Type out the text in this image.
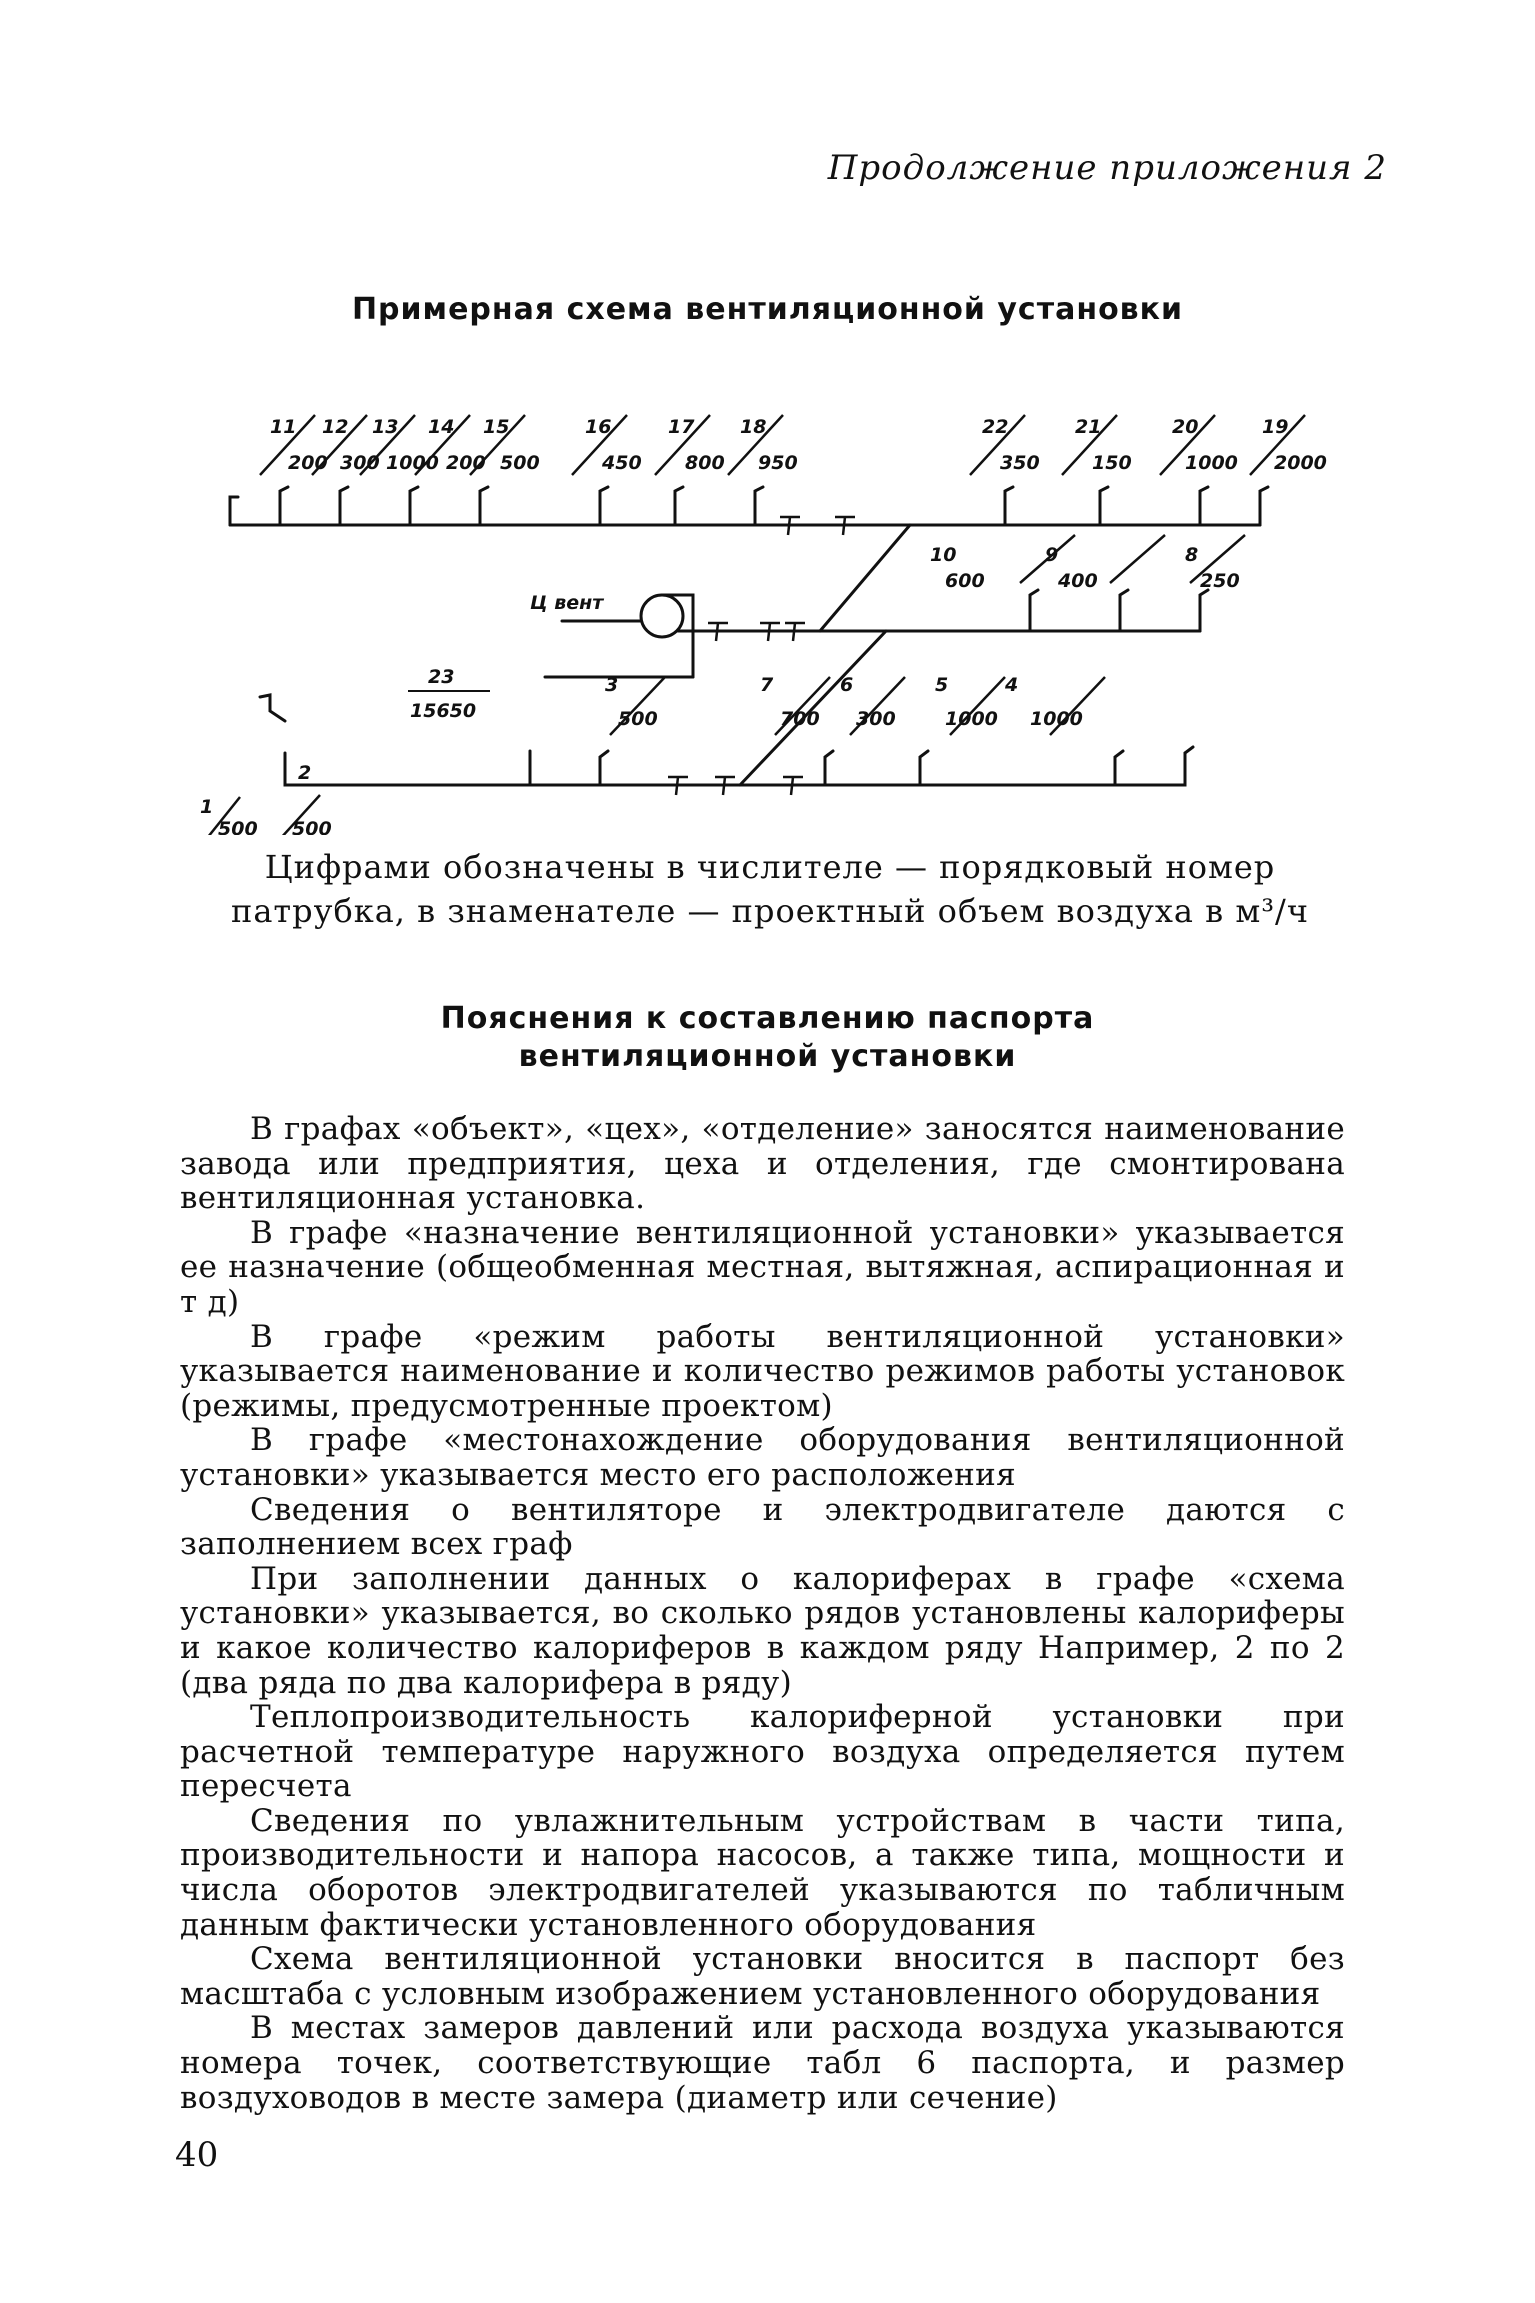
Продолжение приложения 2
Примерная схема вентиляционной установки
11
200
12
300
13
1000
14
200
15
500
16
450
17
800
18
950
22
350
21
150
20
1000
19
2000
10
600
9
400
8
250
3
500
7
700
6
300
5
1000
4
1000
1
500
2
500
23
15650
Ц вент
Цифрами обозначены в числителе — порядковый номер патрубка, в знаменателе — проектный объем воздуха в м³/ч
Пояснения к составлению паспорта
вентиляционной установки

В графах «объект», «цех», «отделение» заносятся наименование завода или предприятия, цеха и отделения, где смонтирована вентиляционная установка.

В графе «назначение вентиляционной установки» указывается ее назначение (общеобменная местная, вытяжная, аспирационная и т д)

В графе «режим работы вентиляционной установки» указывается наименование и количество режимов работы установок (режимы, предусмотренные проектом)

В графе «местонахождение оборудования вентиляционной установки» указывается место его расположения

Сведения о вентиляторе и электродвигателе даются с заполнением всех граф

При заполнении данных о калориферах в графе «схема установки» указывается, во сколько рядов установлены калориферы и какое количество калориферов в каждом ряду Например, 2 по 2 (два ряда по два калорифера в ряду)

Теплопроизводительность калориферной установки при расчетной температуре наружного воздуха определяется путем пересчета

Сведения по увлажнительным устройствам в части типа, производительности и напора насосов, а также типа, мощности и числа оборотов электродвигателей указываются по табличным данным фактически установленного оборудования

Схема вентиляционной установки вносится в паспорт без масштаба с условным изображением установленного оборудования

В местах замеров давлений или расхода воздуха указываются номера точек, соответствующие табл 6 паспорта, и размер воздуховодов в месте замера (диаметр или сечение)

40
